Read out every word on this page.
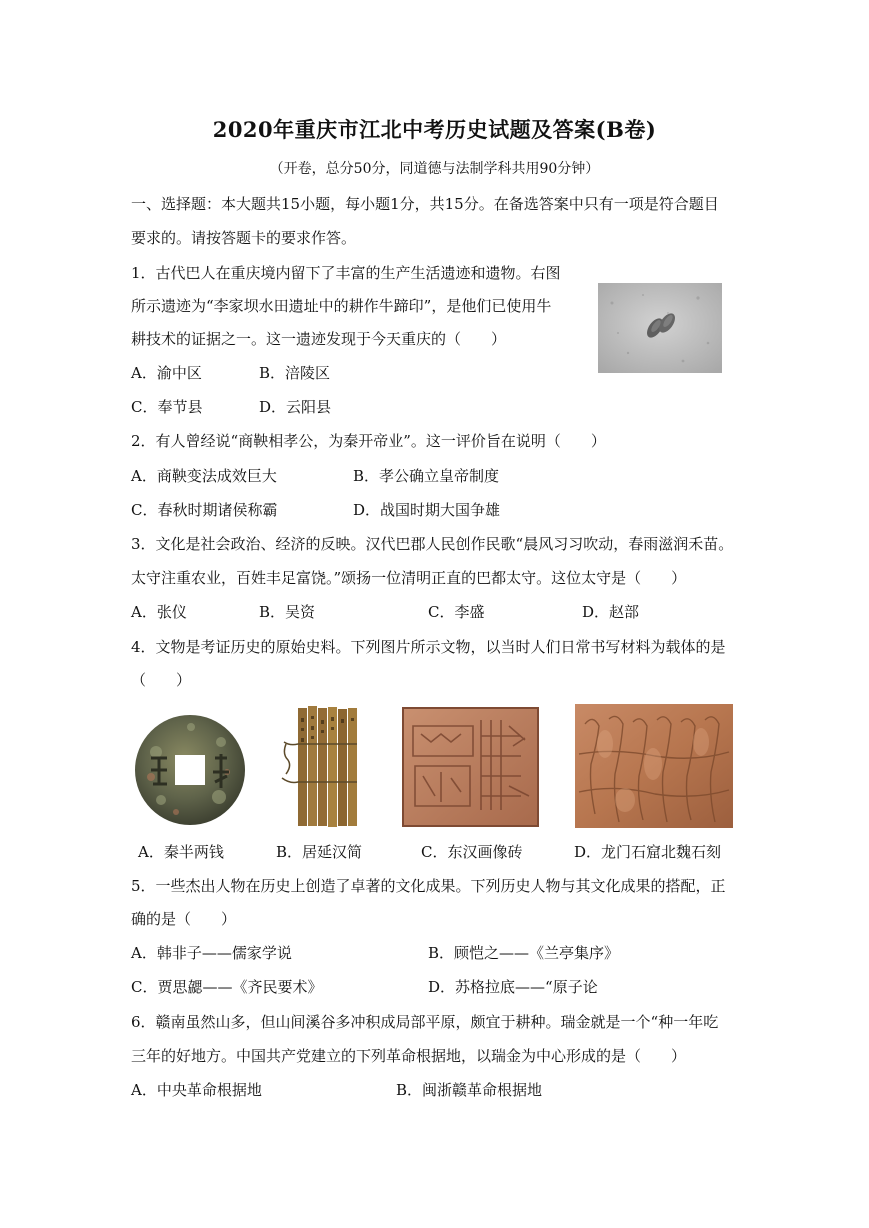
2020年重庆市江北中考历史试题及答案(B卷)
（开卷，总分50分，同道德与法制学科共用90分钟）
一、选择题：本大题共15小题，每小题1分，共15分。在备选答案中只有一项是符合题目
要求的。请按答题卡的要求作答。
1．古代巴人在重庆境内留下了丰富的生产生活遗迹和遗物。右图
所示遗迹为“李家坝水田遗址中的耕作牛蹄印”，是他们已使用牛
耕技术的证据之一。这一遗迹发现于今天重庆的（　　）
A．渝中区	B．涪陵区
C．奉节县	D．云阳县
2．有人曾经说“商鞅相孝公，为秦开帝业”。这一评价旨在说明（　　）
A．商鞅变法成效巨大	B．孝公确立皇帝制度
C．春秋时期诸侯称霸	D．战国时期大国争雄
3．文化是社会政治、经济的反映。汉代巴郡人民创作民歌“晨风习习吹动，春雨滋润禾苗。
太守注重农业，百姓丰足富饶。”颂扬一位清明正直的巴都太守。这位太守是（　　）
A．张仪	B．吴资	C．李盛	D．赵部
4．文物是考证历史的原始史料。下列图片所示文物，以当时人们日常书写材料为载体的是
（　　）
A．秦半两钱	B．居延汉简	C．东汉画像砖	D．龙门石窟北魏石刻
5．一些杰出人物在历史上创造了卓著的文化成果。下列历史人物与其文化成果的搭配，正
确的是（　　）
A．韩非子——儒家学说	B．顾恺之——《兰亭集序》
C．贾思勰——《齐民要术》	D．苏格拉底——“原子论
6．赣南虽然山多，但山间溪谷多冲积成局部平原，颇宜于耕种。瑞金就是一个“种一年吃
三年的好地方。中国共产党建立的下列革命根据地，以瑞金为中心形成的是（　　）
A．中央革命根据地	B．闽浙赣革命根据地
